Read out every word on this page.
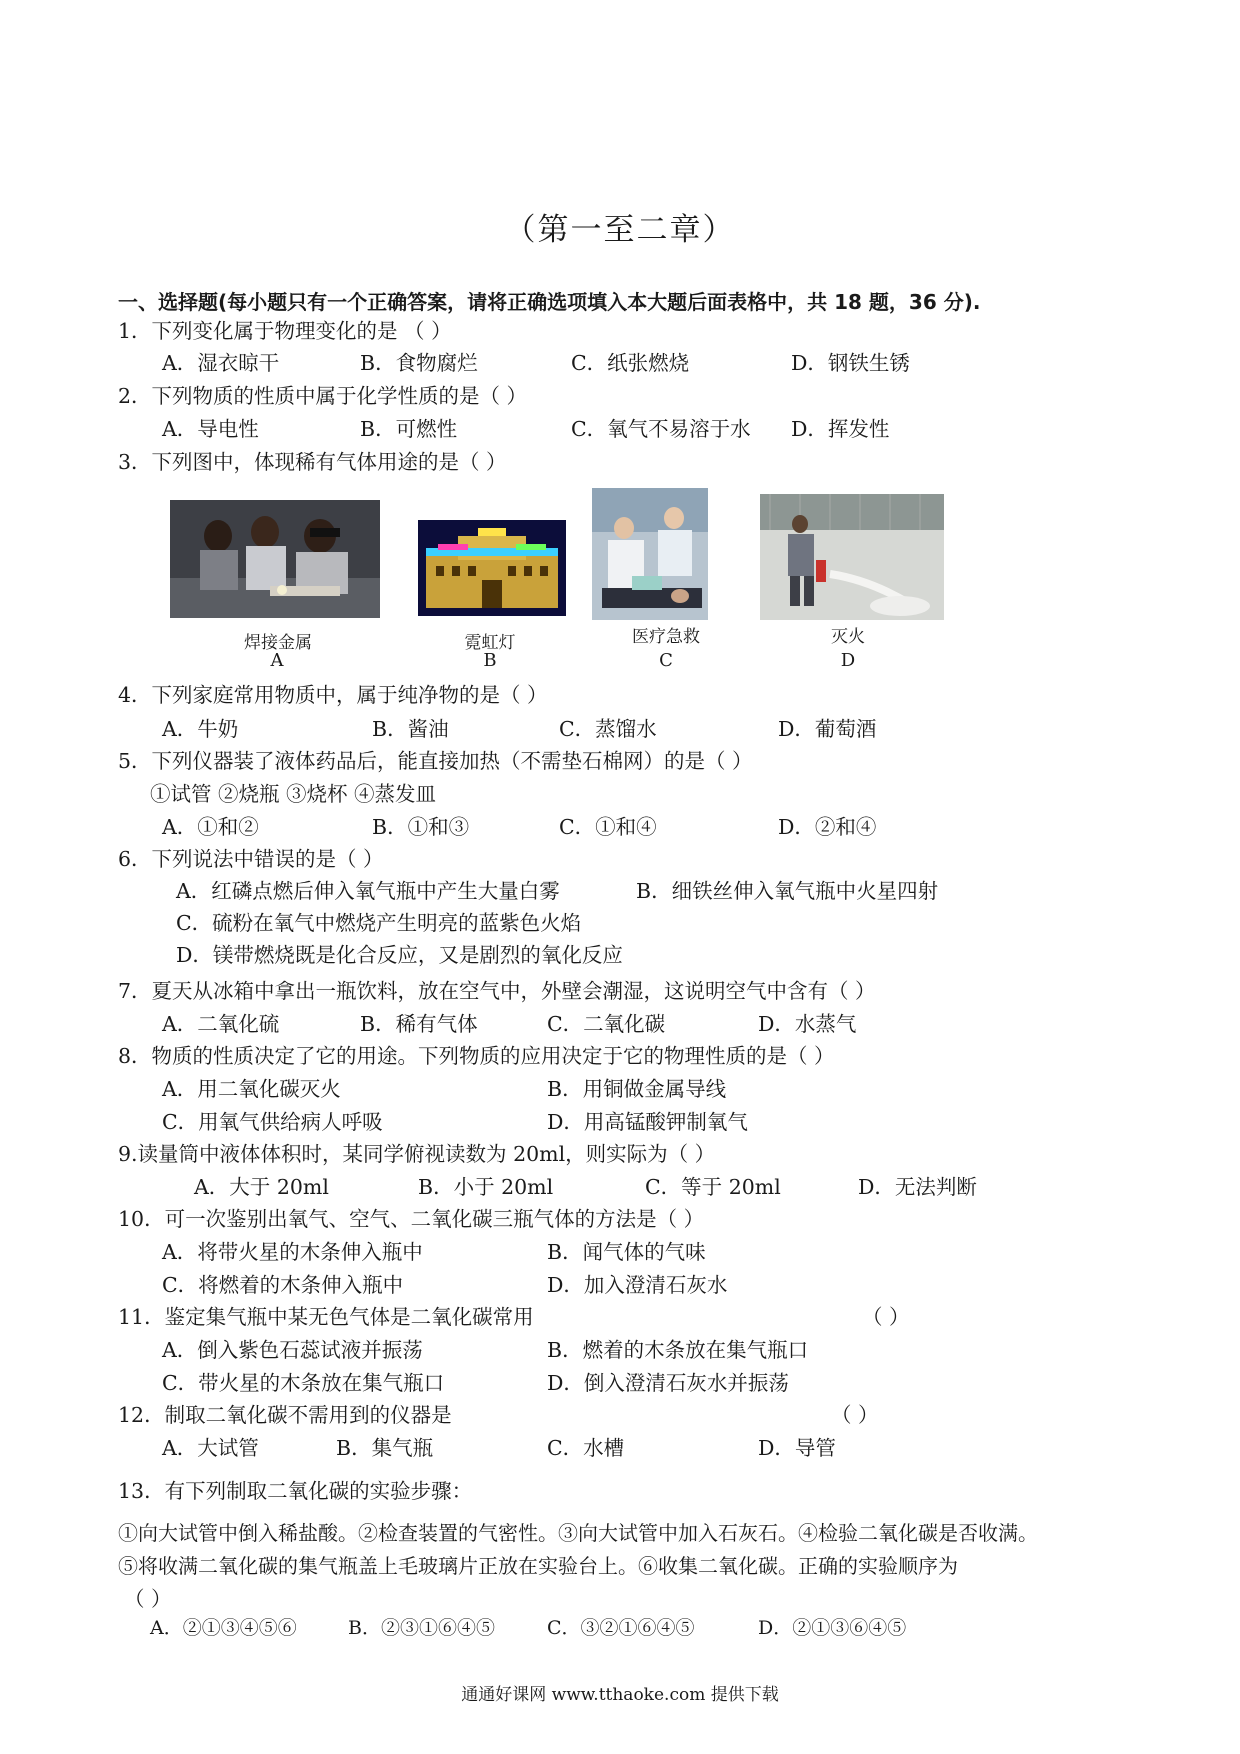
（第一至二章）
一、选择题(每小题只有一个正确答案，请将正确选项填入本大题后面表格中，共 18 题，36 分).
1．下列变化属于物理变化的是 （ ）
A．湿衣晾干	B．食物腐烂	C．纸张燃烧	D．钢铁生锈
2．下列物质的性质中属于化学性质的是（ ）
A．导电性	B．可燃性	C．氧气不易溶于水 D．挥发性
3．下列图中，体现稀有气体用途的是（ ）
焊接金属
A
霓虹灯
B
医疗急救
C
灭火
D
4．下列家庭常用物质中，属于纯净物的是（ ）
A．牛奶	B．酱油	C．蒸馏水	D．葡萄酒
5．下列仪器装了液体药品后，能直接加热（不需垫石棉网）的是（ ）
①试管 ②烧瓶 ③烧杯 ④蒸发皿
A．①和②	B．①和③	C．①和④	D．②和④
6．下列说法中错误的是（ ）
A．红磷点燃后伸入氧气瓶中产生大量白雾	B．细铁丝伸入氧气瓶中火星四射
C．硫粉在氧气中燃烧产生明亮的蓝紫色火焰
D．镁带燃烧既是化合反应，又是剧烈的氧化反应
7．夏天从冰箱中拿出一瓶饮料，放在空气中，外壁会潮湿，这说明空气中含有（ ）
A．二氧化硫	B．稀有气体	C．二氧化碳	D．水蒸气
8．物质的性质决定了它的用途。下列物质的应用决定于它的物理性质的是（ ）
A．用二氧化碳灭火	B．用铜做金属导线
C．用氧气供给病人呼吸	D．用高锰酸钾制氧气
9.读量筒中液体体积时，某同学俯视读数为 20ml，则实际为（ ）
A．大于 20ml	B．小于 20ml	C．等于 20ml	D．无法判断
10．可一次鉴别出氧气、空气、二氧化碳三瓶气体的方法是（ ）
A．将带火星的木条伸入瓶中	B．闻气体的气味
C．将燃着的木条伸入瓶中	D．加入澄清石灰水
11．鉴定集气瓶中某无色气体是二氧化碳常用	（ ）
A．倒入紫色石蕊试液并振荡	B．燃着的木条放在集气瓶口
C．带火星的木条放在集气瓶口	D．倒入澄清石灰水并振荡
12．制取二氧化碳不需用到的仪器是	（ ）
A．大试管	B．集气瓶	C．水槽	D．导管
13．有下列制取二氧化碳的实验步骤：
①向大试管中倒入稀盐酸。②检查装置的气密性。③向大试管中加入石灰石。④检验二氧化碳是否收满。
⑤将收满二氧化碳的集气瓶盖上毛玻璃片正放在实验台上。⑥收集二氧化碳。正确的实验顺序为
（ ）
A．②①③④⑤⑥	B．②③①⑥④⑤	C．③②①⑥④⑤	D．②①③⑥④⑤
通通好课网 www.tthaoke.com 提供下载
